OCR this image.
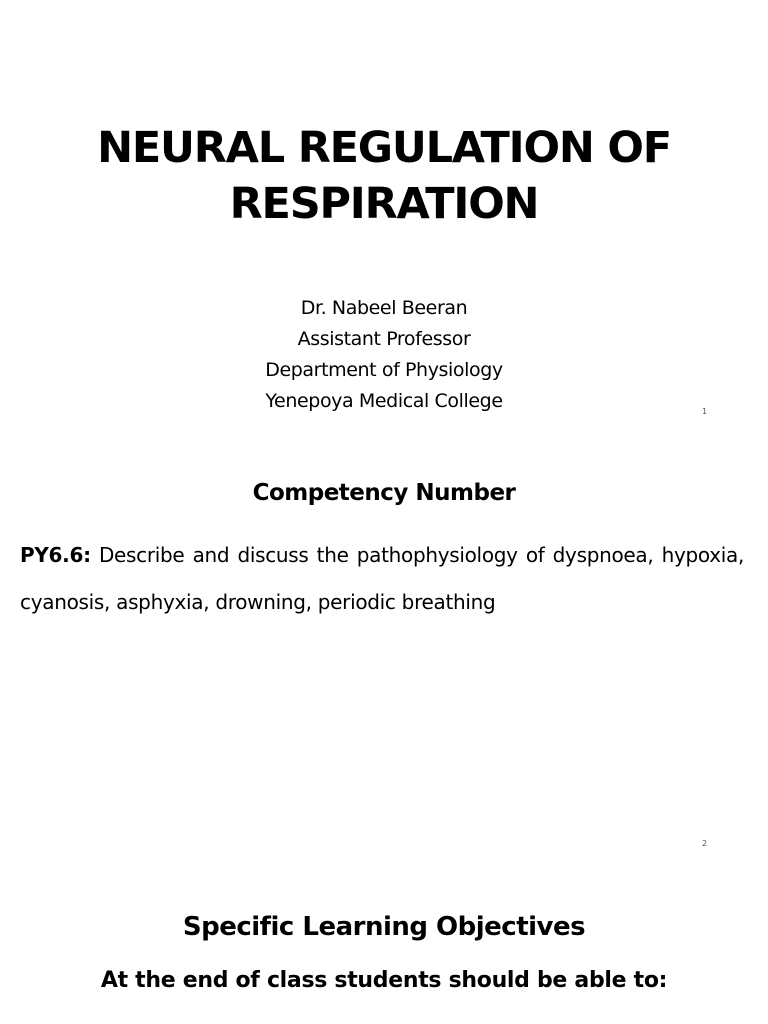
NEURAL REGULATION OF
RESPIRATION
Dr. Nabeel Beeran
Assistant Professor
Department of Physiology
Yenepoya Medical College	1
Competency Number

PY6.6: Describe and discuss the pathophysiology of dyspnoea, hypoxia, cyanosis, asphyxia, drowning, periodic breathing

2
Specific Learning Objectives

At the end of class students should be able to:
